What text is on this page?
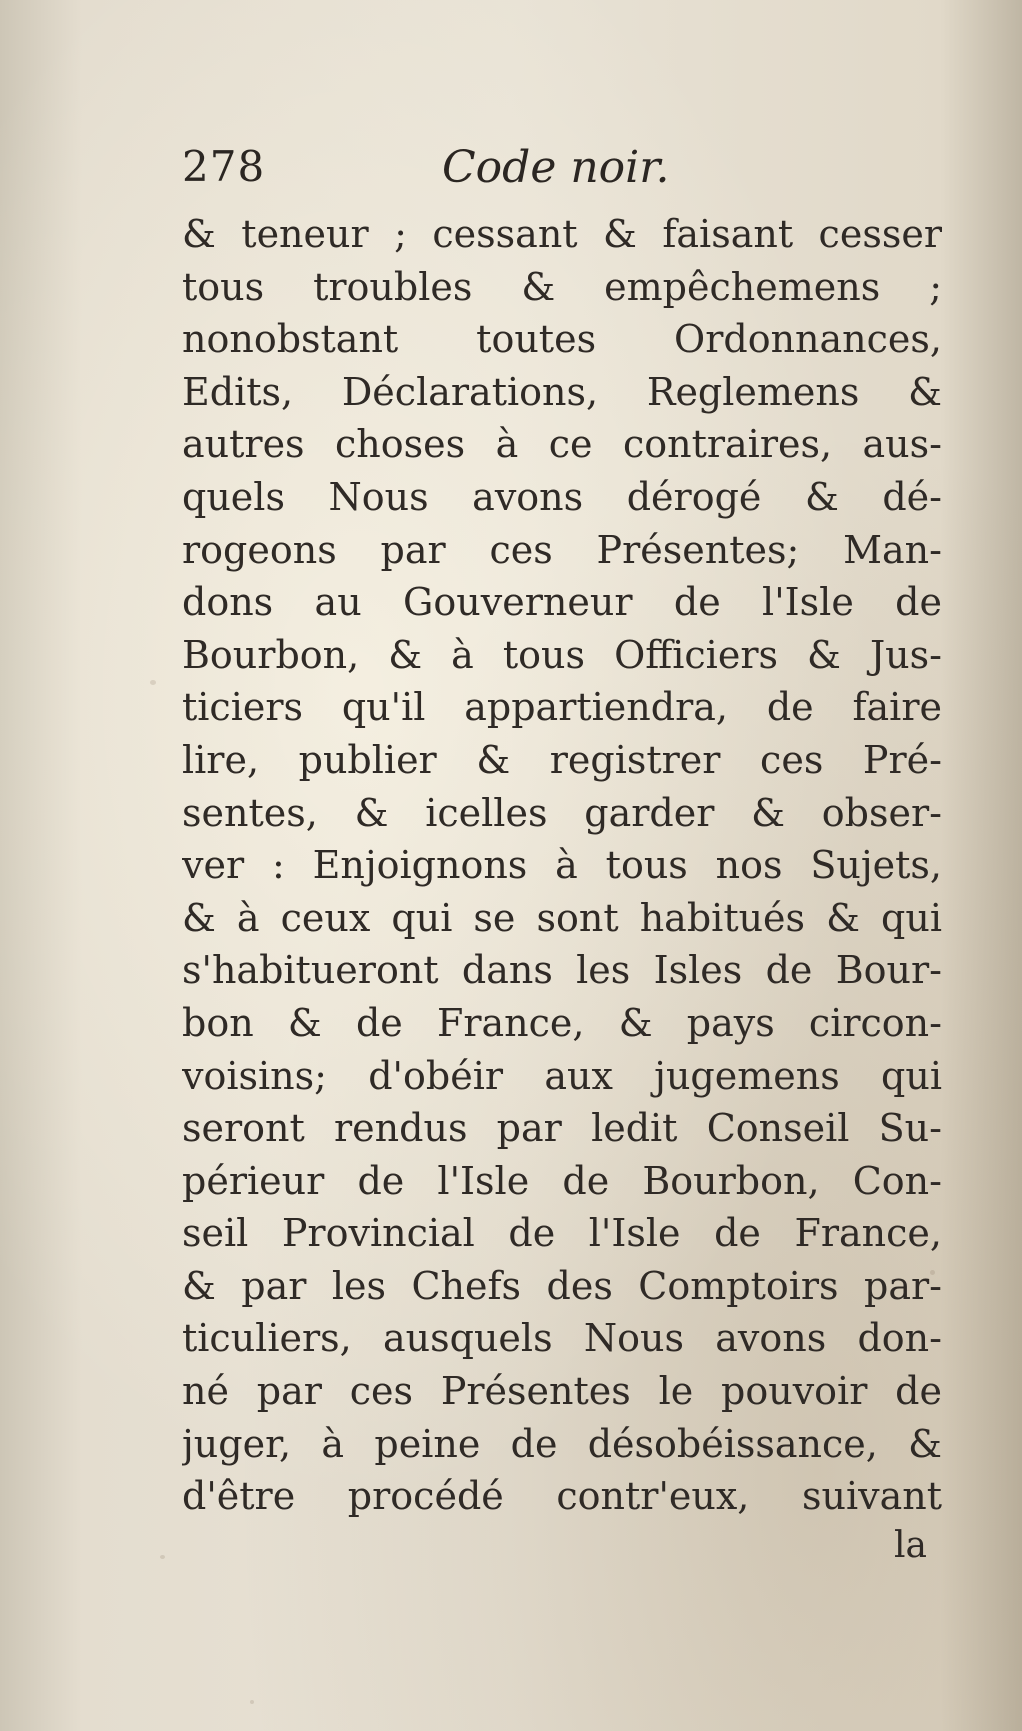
278	Code noir.
& teneur ; cessant & faisant cesser
tous troubles & empêchemens ;
nonobstant toutes Ordonnances,
Edits, Déclarations, Reglemens &
autres choses à ce contraires, aus-
quels Nous avons dérogé & dé-
rogeons par ces Présentes; Man-
dons au Gouverneur de l'Isle de
Bourbon, & à tous Officiers & Jus-
ticiers qu'il appartiendra, de faire
lire, publier & registrer ces Pré-
sentes, & icelles garder & obser-
ver : Enjoignons à tous nos Sujets,
& à ceux qui se sont habitués & qui
s'habitueront dans les Isles de Bour-
bon & de France, & pays circon-
voisins; d'obéir aux jugemens qui
seront rendus par ledit Conseil Su-
périeur de l'Isle de Bourbon, Con-
seil Provincial de l'Isle de France,
& par les Chefs des Comptoirs par-
ticuliers, ausquels Nous avons don-
né par ces Présentes le pouvoir de
juger, à peine de désobéissance, &
d'être procédé contr'eux, suivant
la
